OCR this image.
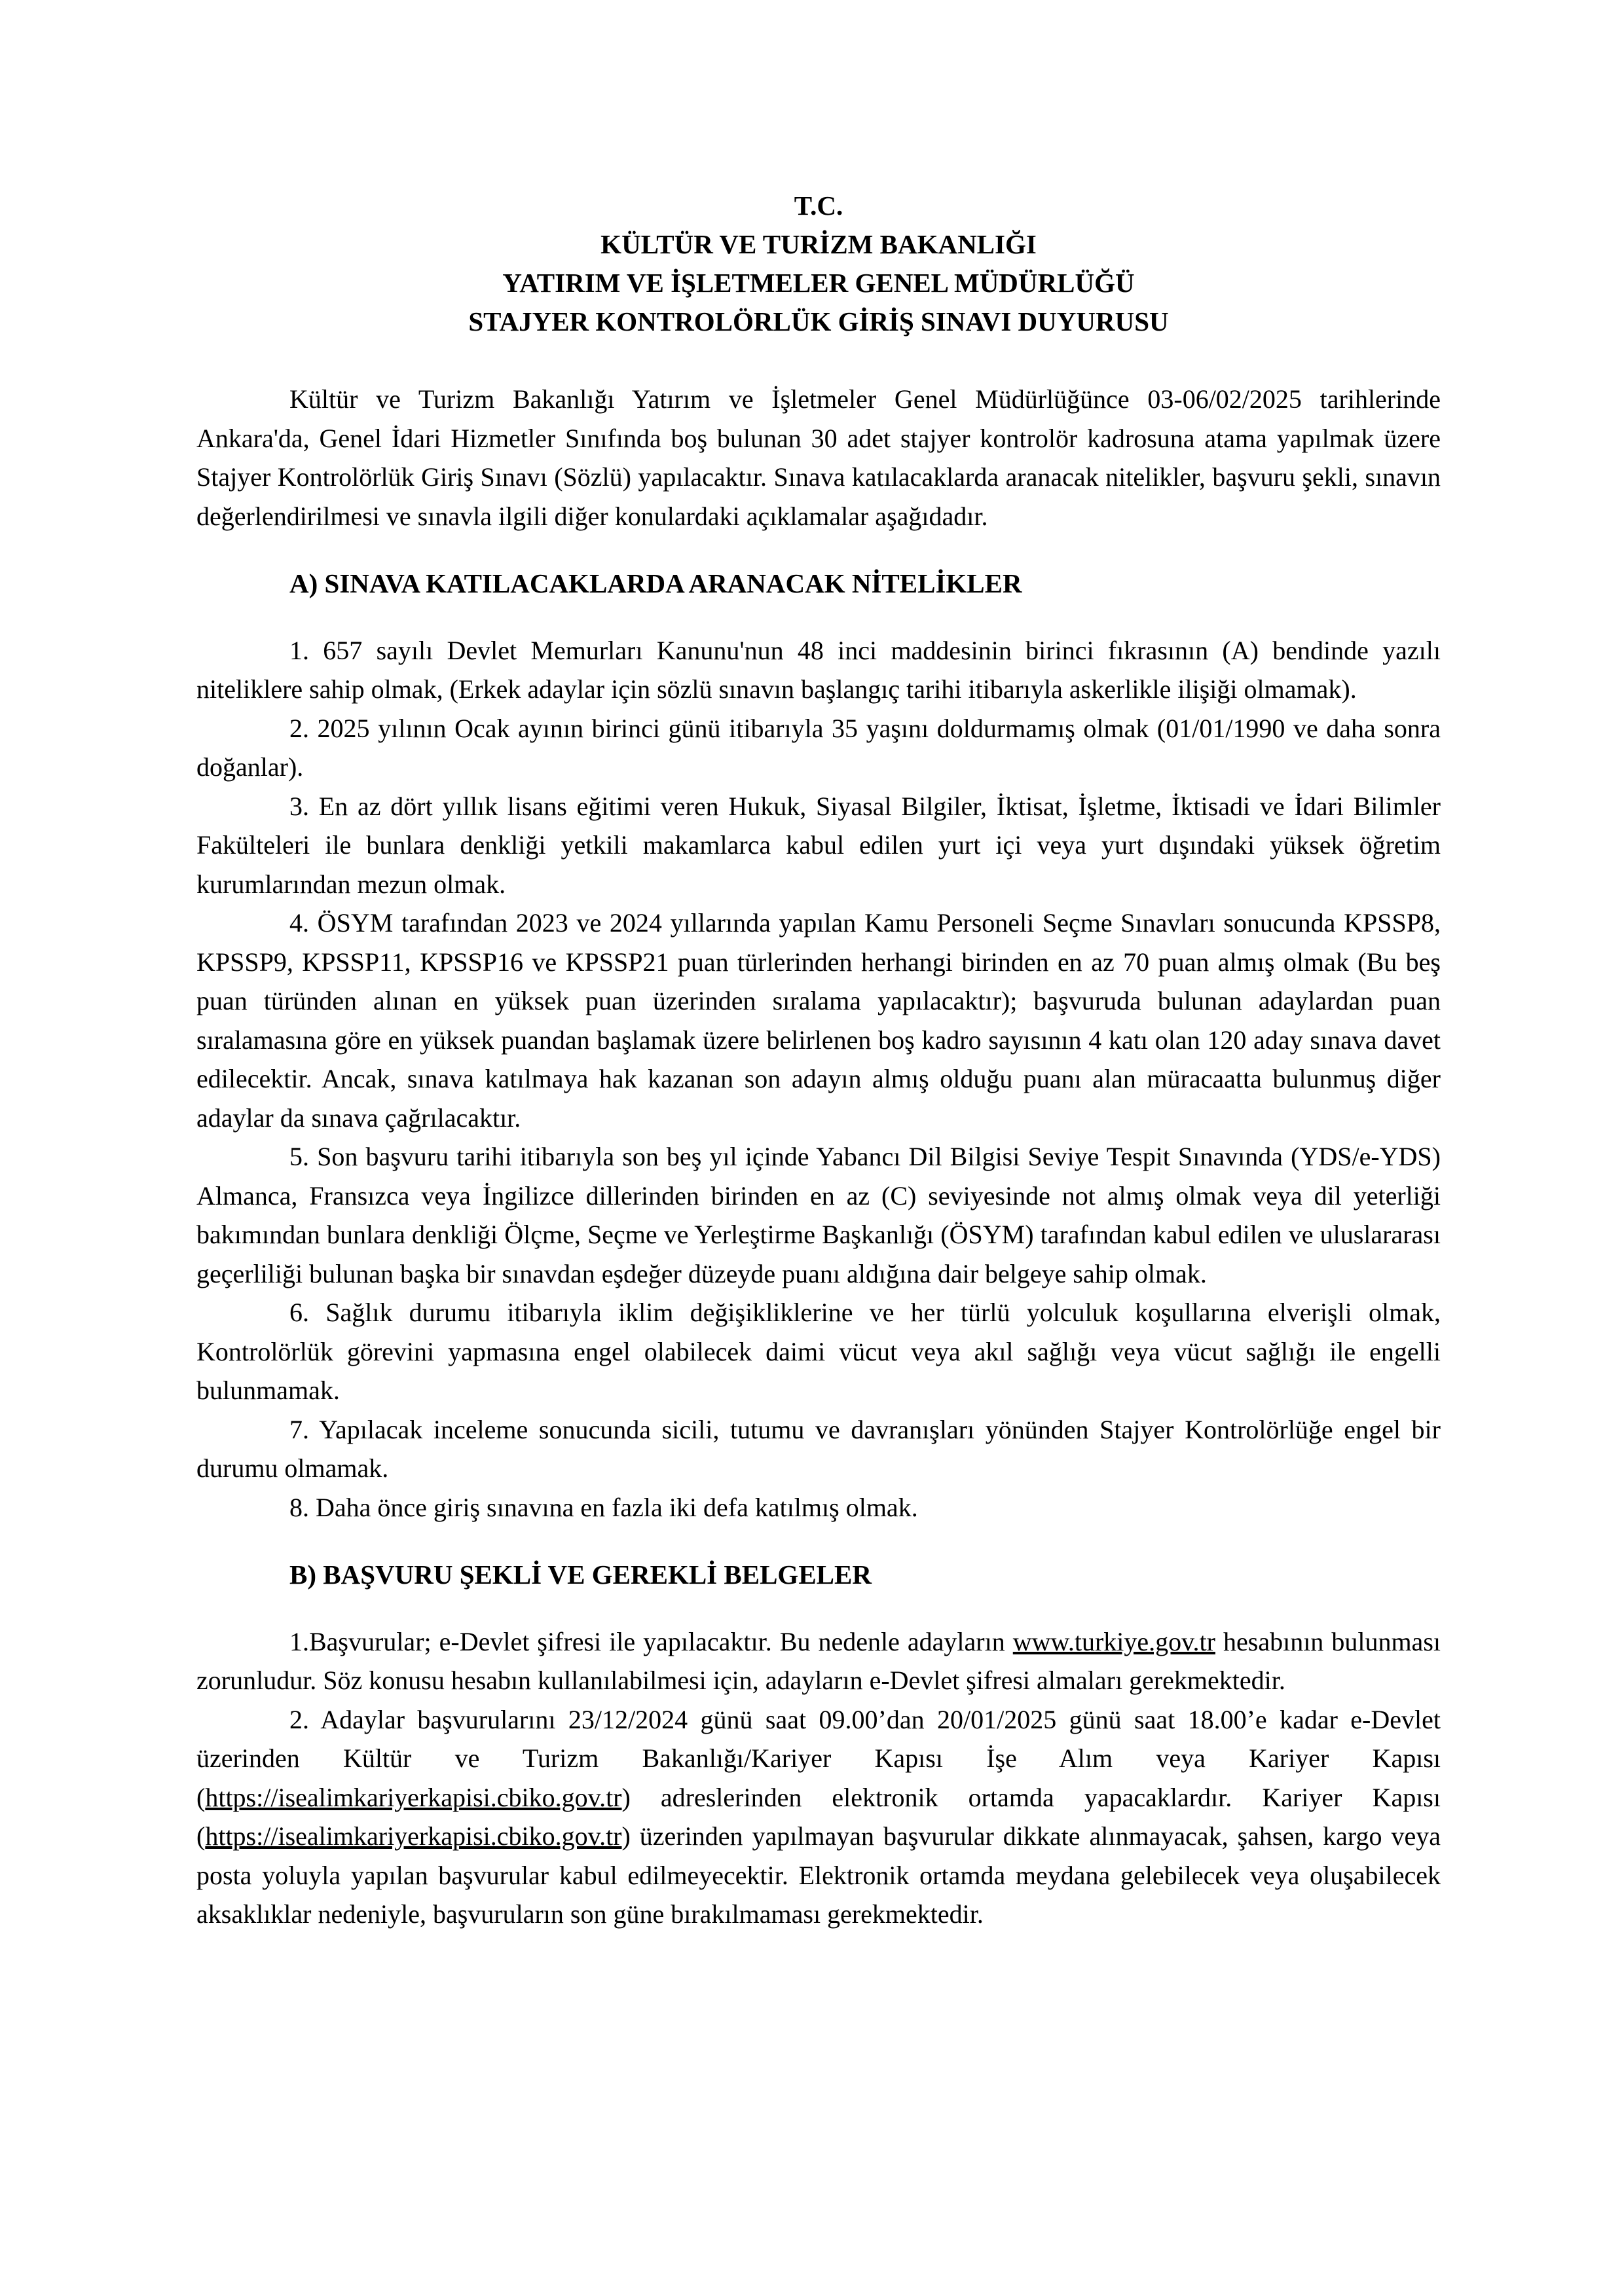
T.C.
KÜLTÜR VE TURİZM BAKANLIĞI
YATIRIM VE İŞLETMELER GENEL MÜDÜRLÜĞÜ
STAJYER KONTROLÖRLÜK GİRİŞ SINAVI DUYURUSU

Kültür ve Turizm Bakanlığı Yatırım ve İşletmeler Genel Müdürlüğünce 03-06/02/2025 tarihlerinde Ankara'da, Genel İdari Hizmetler Sınıfında boş bulunan 30 adet stajyer kontrolör kadrosuna atama yapılmak üzere Stajyer Kontrolörlük Giriş Sınavı (Sözlü) yapılacaktır. Sınava katılacaklarda aranacak nitelikler, başvuru şekli, sınavın değerlendirilmesi ve sınavla ilgili diğer konulardaki açıklamalar aşağıdadır.

A) SINAVA KATILACAKLARDA ARANACAK NİTELİKLER

1. 657 sayılı Devlet Memurları Kanunu'nun 48 inci maddesinin birinci fıkrasının (A) bendinde yazılı niteliklere sahip olmak, (Erkek adaylar için sözlü sınavın başlangıç tarihi itibarıyla askerlikle ilişiği olmamak).

2. 2025 yılının Ocak ayının birinci günü itibarıyla 35 yaşını doldurmamış olmak (01/01/1990 ve daha sonra doğanlar).

3. En az dört yıllık lisans eğitimi veren Hukuk, Siyasal Bilgiler, İktisat, İşletme, İktisadi ve İdari Bilimler Fakülteleri ile bunlara denkliği yetkili makamlarca kabul edilen yurt içi veya yurt dışındaki yüksek öğretim kurumlarından mezun olmak.

4. ÖSYM tarafından 2023 ve 2024 yıllarında yapılan Kamu Personeli Seçme Sınavları sonucunda KPSSP8, KPSSP9, KPSSP11, KPSSP16 ve KPSSP21 puan türlerinden herhangi birinden en az 70 puan almış olmak (Bu beş puan türünden alınan en yüksek puan üzerinden sıralama yapılacaktır); başvuruda bulunan adaylardan puan sıralamasına göre en yüksek puandan başlamak üzere belirlenen boş kadro sayısının 4 katı olan 120 aday sınava davet edilecektir. Ancak, sınava katılmaya hak kazanan son adayın almış olduğu puanı alan müracaatta bulunmuş diğer adaylar da sınava çağrılacaktır.

5. Son başvuru tarihi itibarıyla son beş yıl içinde Yabancı Dil Bilgisi Seviye Tespit Sınavında (YDS/e-YDS) Almanca, Fransızca veya İngilizce dillerinden birinden en az (C) seviyesinde not almış olmak veya dil yeterliği bakımından bunlara denkliği Ölçme, Seçme ve Yerleştirme Başkanlığı (ÖSYM) tarafından kabul edilen ve uluslararası geçerliliği bulunan başka bir sınavdan eşdeğer düzeyde puanı aldığına dair belgeye sahip olmak.

6. Sağlık durumu itibarıyla iklim değişikliklerine ve her türlü yolculuk koşullarına elverişli olmak, Kontrolörlük görevini yapmasına engel olabilecek daimi vücut veya akıl sağlığı veya vücut sağlığı ile engelli bulunmamak.

7. Yapılacak inceleme sonucunda sicili, tutumu ve davranışları yönünden Stajyer Kontrolörlüğe engel bir durumu olmamak.

8. Daha önce giriş sınavına en fazla iki defa katılmış olmak.

B) BAŞVURU ŞEKLİ VE GEREKLİ BELGELER

1.Başvurular; e-Devlet şifresi ile yapılacaktır. Bu nedenle adayların www.turkiye.gov.tr hesabının bulunması zorunludur. Söz konusu hesabın kullanılabilmesi için, adayların e-Devlet şifresi almaları gerekmektedir.

2. Adaylar başvurularını 23/12/2024 günü saat 09.00’dan 20/01/2025 günü saat 18.00’e kadar e-Devlet üzerinden Kültür ve Turizm Bakanlığı/Kariyer Kapısı İşe Alım veya Kariyer Kapısı (https://isealimkariyerkapisi.cbiko.gov.tr) adreslerinden elektronik ortamda yapacaklardır. Kariyer Kapısı (https://isealimkariyerkapisi.cbiko.gov.tr) üzerinden yapılmayan başvurular dikkate alınmayacak, şahsen, kargo veya posta yoluyla yapılan başvurular kabul edilmeyecektir. Elektronik ortamda meydana gelebilecek veya oluşabilecek aksaklıklar nedeniyle, başvuruların son güne bırakılmaması gerekmektedir.
